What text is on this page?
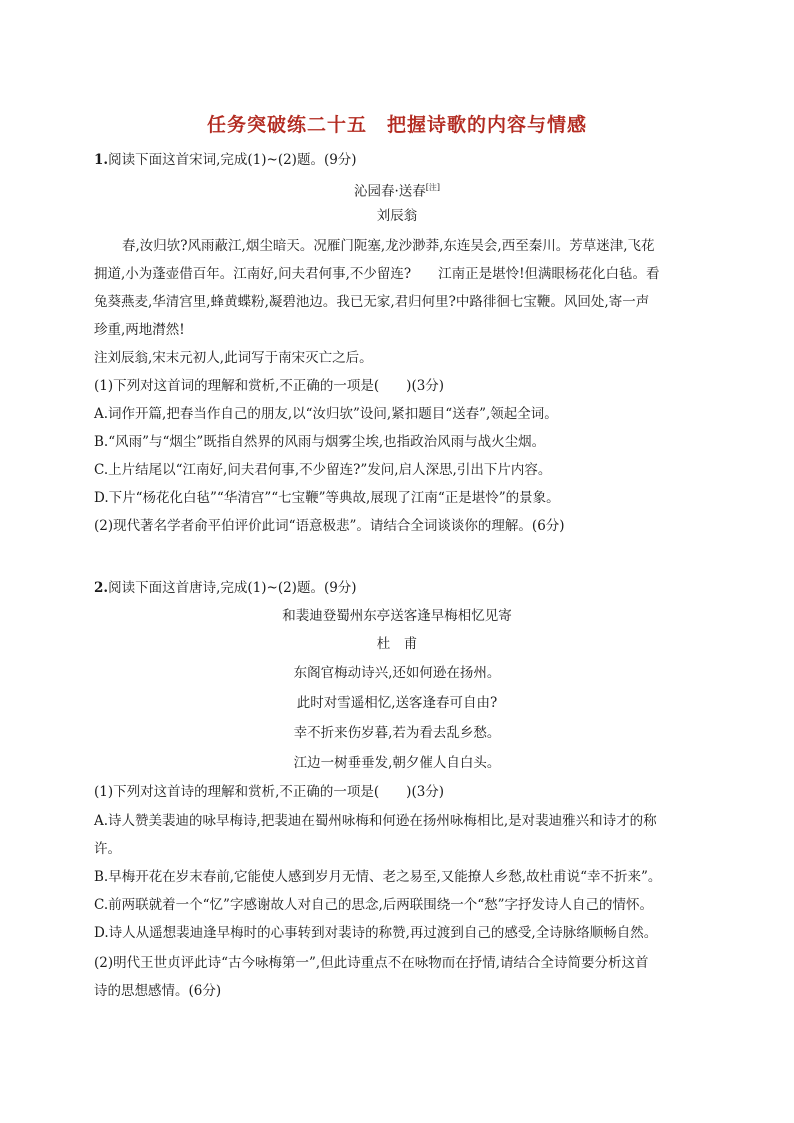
任务突破练二十五　把握诗歌的内容与情感
1.阅读下面这首宋词,完成(1)~(2)题。(9分)
沁园春·送春[注]
刘辰翁
春,汝归欤?风雨蔽江,烟尘暗天。况雁门阨塞,龙沙渺莽,东连吴会,西至秦川。芳草迷津,飞花
拥道,小为蓬壶借百年。江南好,问夫君何事,不少留连?　　江南正是堪怜!但满眼杨花化白毡。看
兔葵燕麦,华清宫里,蜂黄蝶粉,凝碧池边。我已无家,君归何里?中路徘徊七宝鞭。风回处,寄一声
珍重,两地潸然!
注刘辰翁,宋末元初人,此词写于南宋灭亡之后。
(1)下列对这首词的理解和赏析,不正确的一项是(　　)(3分)
A.词作开篇,把春当作自己的朋友,以“汝归欤”设问,紧扣题目“送春”,领起全词。
B.“风雨”与“烟尘”既指自然界的风雨与烟雾尘埃,也指政治风雨与战火尘烟。
C.上片结尾以“江南好,问夫君何事,不少留连?”发问,启人深思,引出下片内容。
D.下片“杨花化白毡”“华清宫”“七宝鞭”等典故,展现了江南“正是堪怜”的景象。
(2)现代著名学者俞平伯评价此词“语意极悲”。请结合全词谈谈你的理解。(6分)
2.阅读下面这首唐诗,完成(1)~(2)题。(9分)
和裴迪登蜀州东亭送客逢早梅相忆见寄
杜　甫
东阁官梅动诗兴,还如何逊在扬州。
此时对雪遥相忆,送客逢春可自由?
幸不折来伤岁暮,若为看去乱乡愁。
江边一树垂垂发,朝夕催人自白头。
(1)下列对这首诗的理解和赏析,不正确的一项是(　　)(3分)
A.诗人赞美裴迪的咏早梅诗,把裴迪在蜀州咏梅和何逊在扬州咏梅相比,是对裴迪雅兴和诗才的称
许。
B.早梅开花在岁末春前,它能使人感到岁月无情、老之易至,又能撩人乡愁,故杜甫说“幸不折来”。
C.前两联就着一个“忆”字感谢故人对自己的思念,后两联围绕一个“愁”字抒发诗人自己的情怀。
D.诗人从遥想裴迪逢早梅时的心事转到对裴诗的称赞,再过渡到自己的感受,全诗脉络顺畅自然。
(2)明代王世贞评此诗“古今咏梅第一”,但此诗重点不在咏物而在抒情,请结合全诗简要分析这首
诗的思想感情。(6分)
